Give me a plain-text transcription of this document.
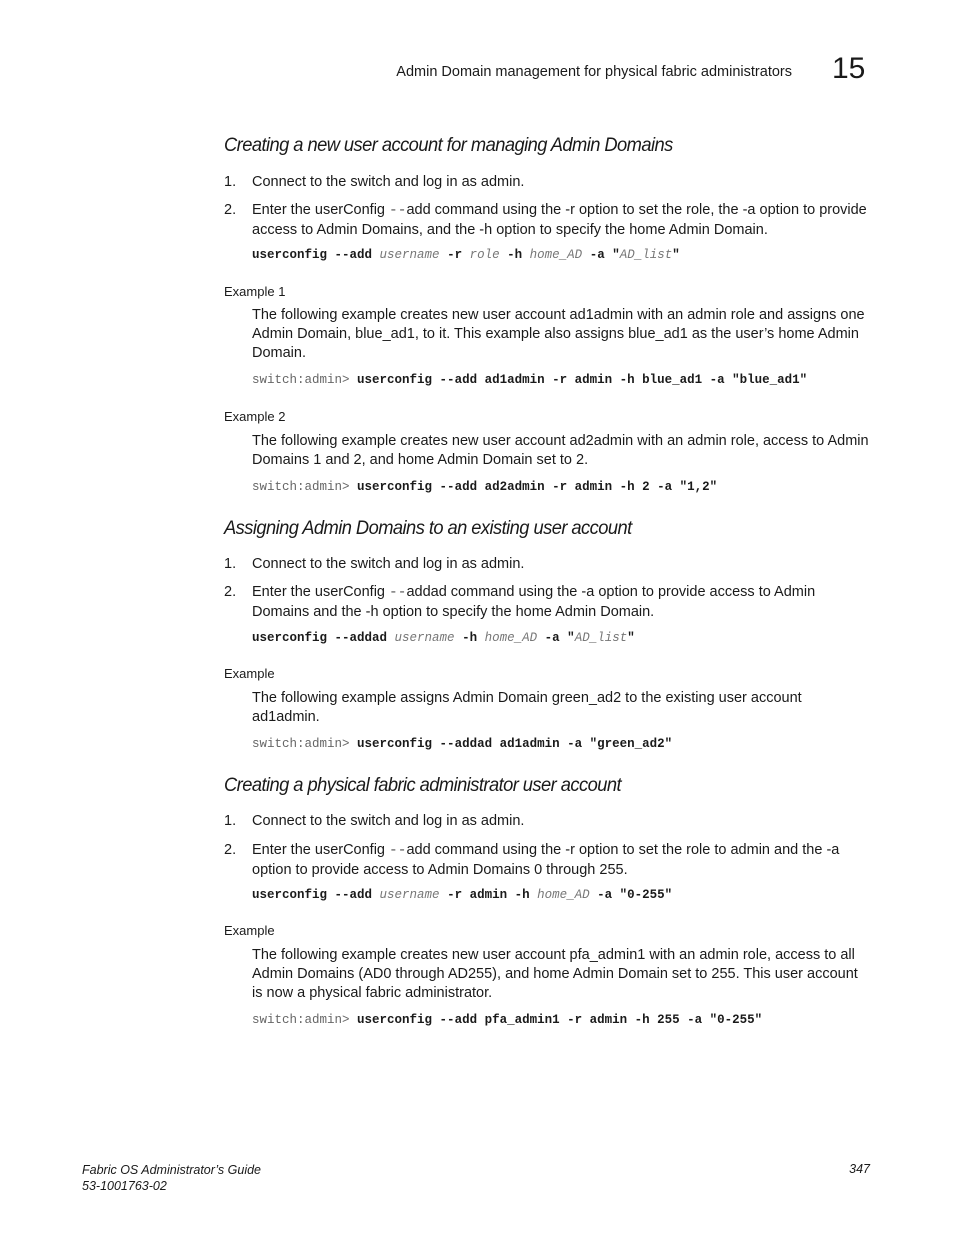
Admin Domain management for physical fabric administrators 15
Creating a new user account for managing Admin Domains
1. Connect to the switch and log in as admin.
2. Enter the userConfig --add command using the -r option to set the role, the -a option to provide access to Admin Domains, and the -h option to specify the home Admin Domain.
userconfig --add username -r role -h home_AD -a "AD_list"
Example 1
The following example creates new user account ad1admin with an admin role and assigns one Admin Domain, blue_ad1, to it. This example also assigns blue_ad1 as the user’s home Admin Domain.
switch:admin> userconfig --add ad1admin -r admin -h blue_ad1 -a "blue_ad1"
Example 2
The following example creates new user account ad2admin with an admin role, access to Admin Domains 1 and 2, and home Admin Domain set to 2.
switch:admin> userconfig --add ad2admin -r admin -h 2 -a "1,2"
Assigning Admin Domains to an existing user account
1. Connect to the switch and log in as admin.
2. Enter the userConfig --addad command using the -a option to provide access to Admin Domains and the -h option to specify the home Admin Domain.
userconfig --addad username -h home_AD -a "AD_list"
Example
The following example assigns Admin Domain green_ad2 to the existing user account ad1admin.
switch:admin> userconfig --addad ad1admin -a "green_ad2"
Creating a physical fabric administrator user account
1. Connect to the switch and log in as admin.
2. Enter the userConfig --add command using the -r option to set the role to admin and the -a option to provide access to Admin Domains 0 through 255.
userconfig --add username -r admin -h home_AD -a "0-255"
Example
The following example creates new user account pfa_admin1 with an admin role, access to all Admin Domains (AD0 through AD255), and home Admin Domain set to 255. This user account is now a physical fabric administrator.
switch:admin> userconfig --add pfa_admin1 -r admin -h 255 -a "0-255"
Fabric OS Administrator’s Guide
53-1001763-02
347
